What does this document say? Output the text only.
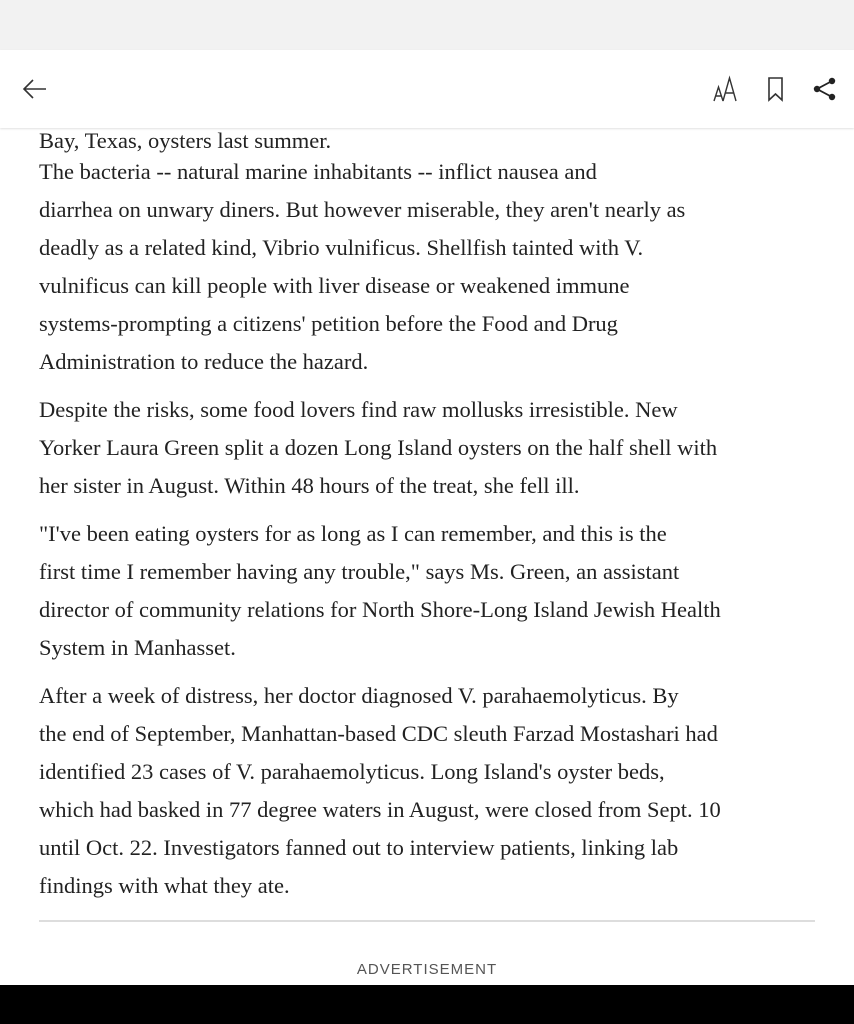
Bay, Texas, oysters last summer.
The bacteria -- natural marine inhabitants -- inflict nausea and
diarrhea on unwary diners. But however miserable, they aren't nearly as
deadly as a related kind, Vibrio vulnificus. Shellfish tainted with V.
vulnificus can kill people with liver disease or weakened immune
systems-prompting a citizens' petition before the Food and Drug
Administration to reduce the hazard.
Despite the risks, some food lovers find raw mollusks irresistible. New
Yorker Laura Green split a dozen Long Island oysters on the half shell with
her sister in August. Within 48 hours of the treat, she fell ill.
"I've been eating oysters for as long as I can remember, and this is the
first time I remember having any trouble," says Ms. Green, an assistant
director of community relations for North Shore-Long Island Jewish Health
System in Manhasset.
After a week of distress, her doctor diagnosed V. parahaemolyticus. By
the end of September, Manhattan-based CDC sleuth Farzad Mostashari had
identified 23 cases of V. parahaemolyticus. Long Island's oyster beds,
which had basked in 77 degree waters in August, were closed from Sept. 10
until Oct. 22. Investigators fanned out to interview patients, linking lab
findings with what they ate.
ADVERTISEMENT
